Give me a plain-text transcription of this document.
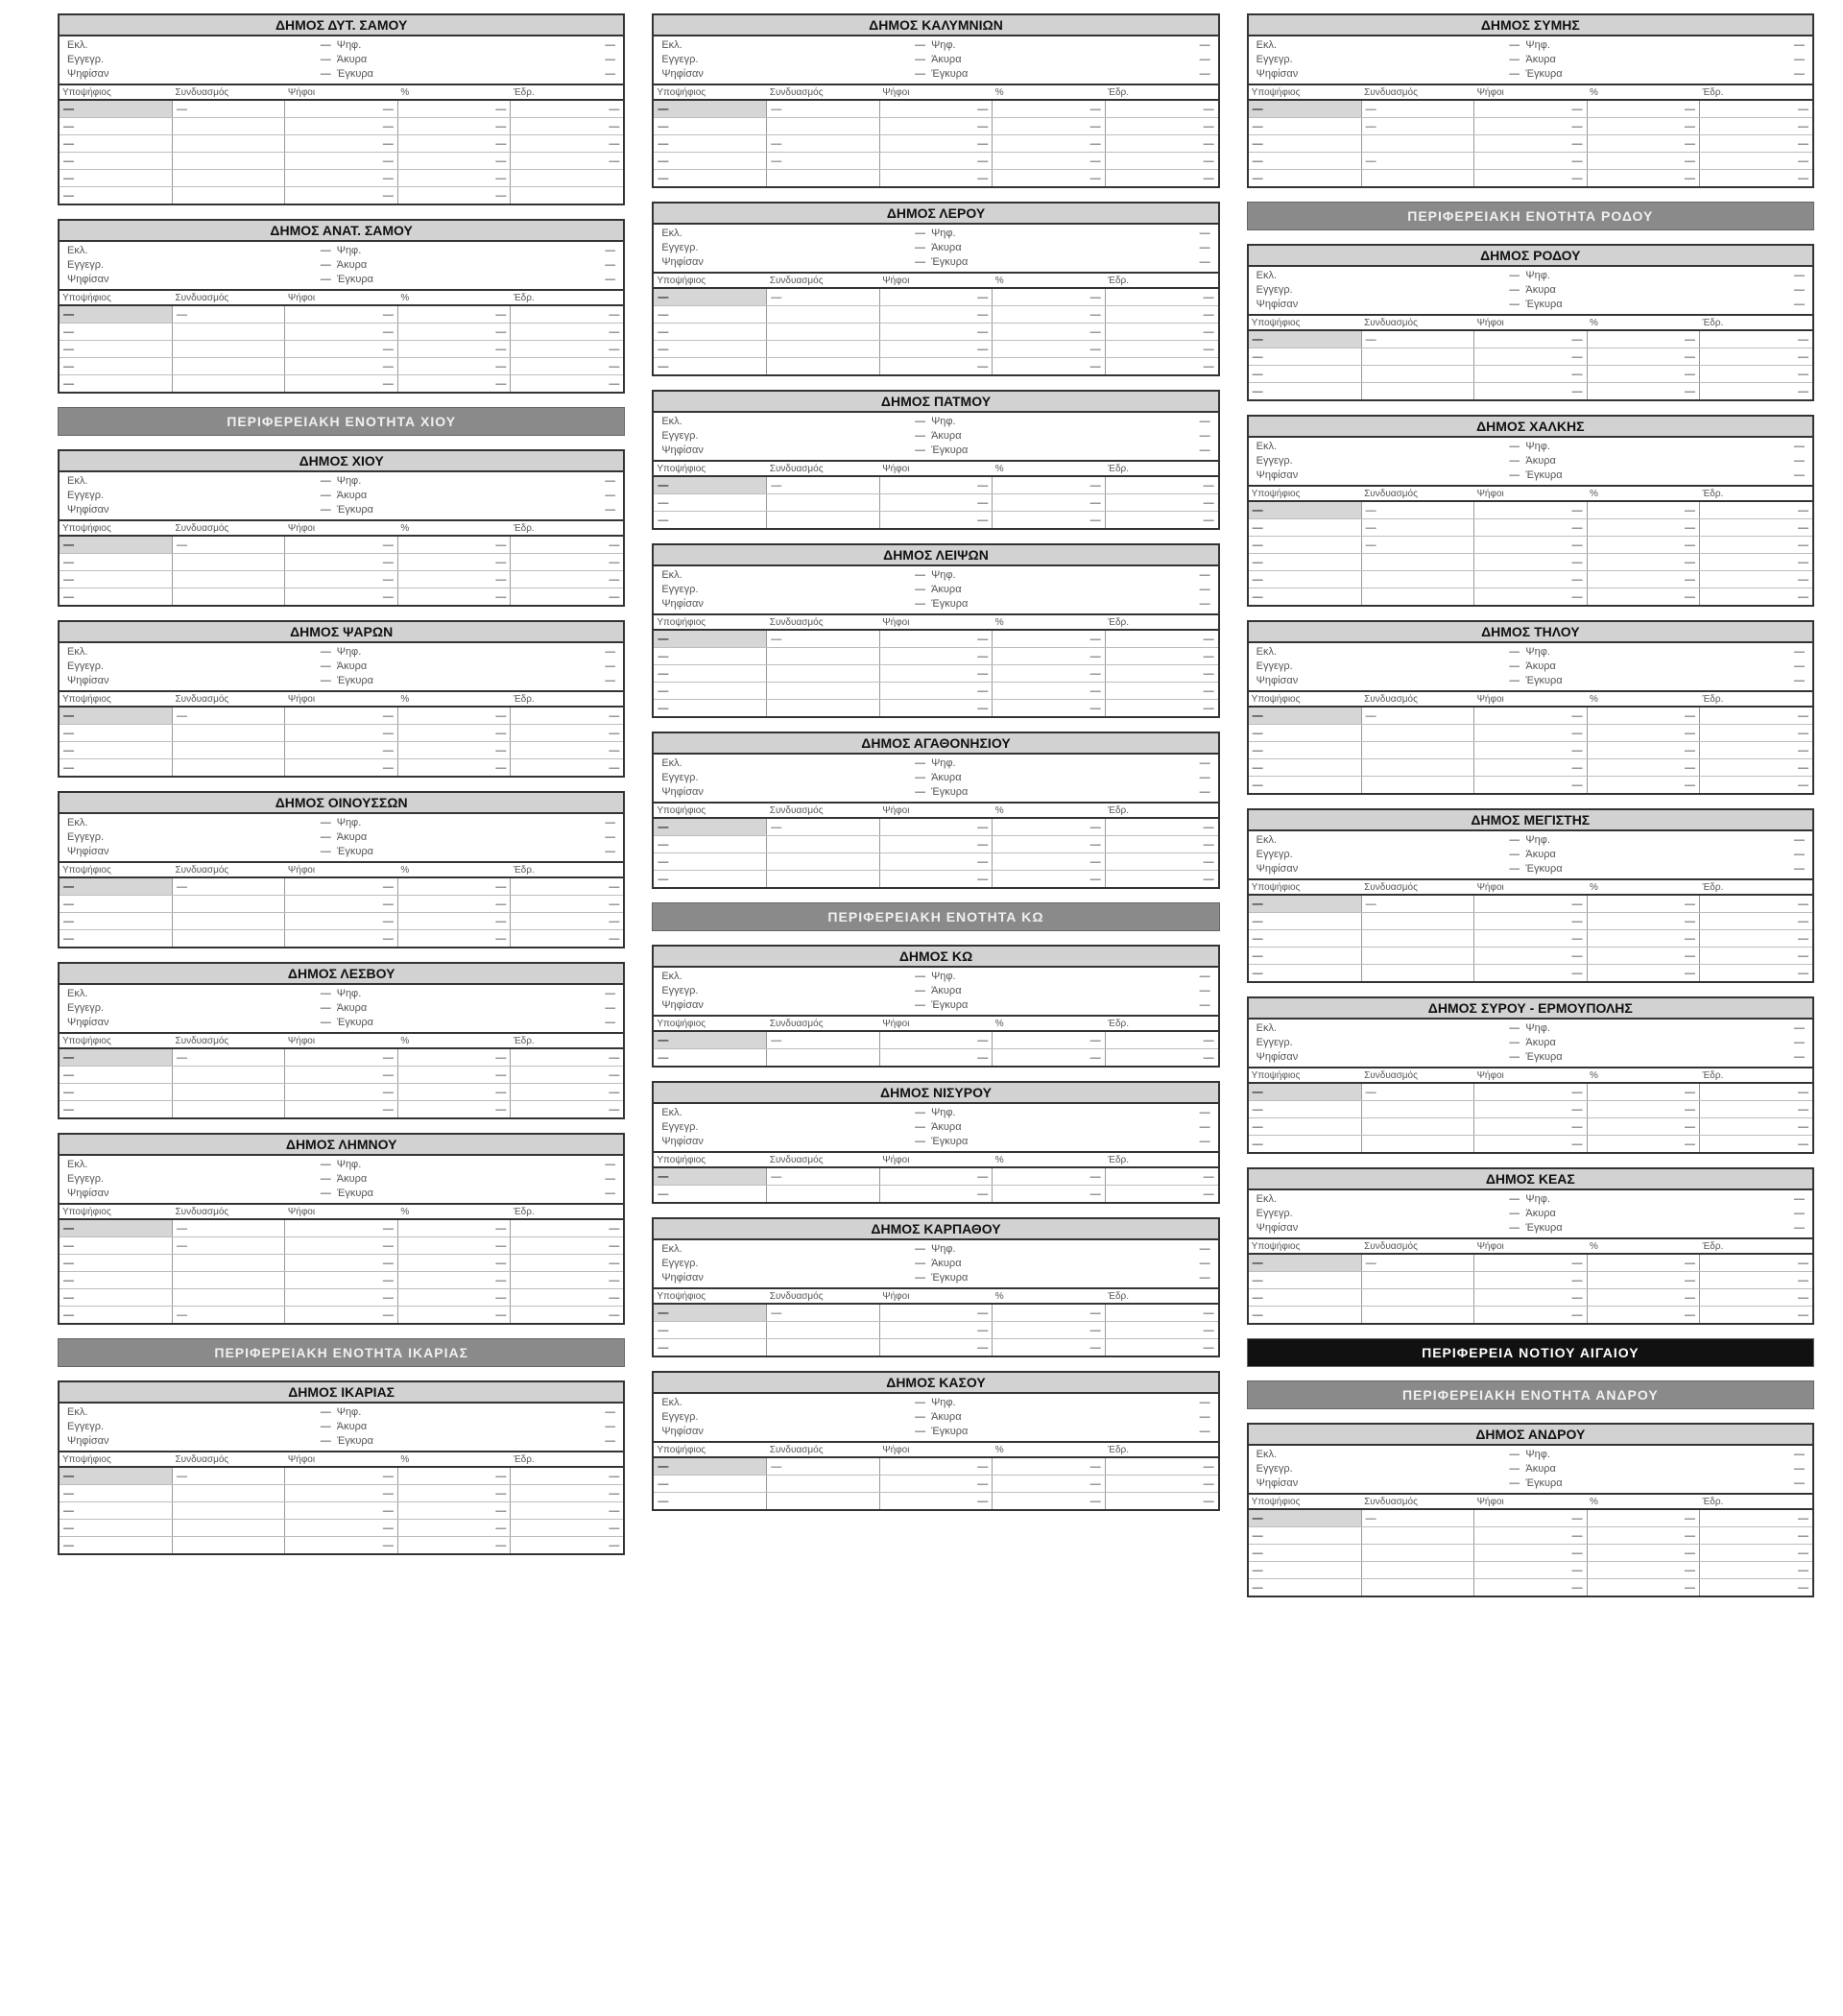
ΔΗΜΟΣ ΔΥΤ. ΣΑΜΟΥ
Εκλ.	— Ψηφ.	—
Εγγεγρ.	— Άκυρα	—
Ψηφίσαν	— Έγκυρα	—
Υποψήφιος	Συνδυασμός	Ψήφοι	%	Έδρ.
—	—	—	—	—
—		—	—	—
—		—	—	—
—		—	—	—
—		—	—	
—		—	—	
ΔΗΜΟΣ ΑΝΑΤ. ΣΑΜΟΥ
Εκλ.	— Ψηφ.	—
Εγγεγρ.	— Άκυρα	—
Ψηφίσαν	— Έγκυρα	—
Υποψήφιος	Συνδυασμός	Ψήφοι	%	Έδρ.
—	—	—	—	—
—		—	—	—
—		—	—	—
—		—	—	—
—		—	—	—
ΠΕΡΙΦΕΡΕΙΑΚΗ ΕΝΟΤΗΤΑ ΧΙΟΥ
ΔΗΜΟΣ ΧΙΟΥ
Εκλ.	— Ψηφ.	—
Εγγεγρ.	— Άκυρα	—
Ψηφίσαν	— Έγκυρα	—
Υποψήφιος	Συνδυασμός	Ψήφοι	%	Έδρ.
—	—	—	—	—
—		—	—	—
—		—	—	—
—		—	—	—
ΔΗΜΟΣ ΨΑΡΩΝ
Εκλ.	— Ψηφ.	—
Εγγεγρ.	— Άκυρα	—
Ψηφίσαν	— Έγκυρα	—
Υποψήφιος	Συνδυασμός	Ψήφοι	%	Έδρ.
—	—	—	—	—
—		—	—	—
—		—	—	—
—		—	—	—
ΔΗΜΟΣ ΟΙΝΟΥΣΣΩΝ
Εκλ.	— Ψηφ.	—
Εγγεγρ.	— Άκυρα	—
Ψηφίσαν	— Έγκυρα	—
Υποψήφιος	Συνδυασμός	Ψήφοι	%	Έδρ.
—	—	—	—	—
—		—	—	—
—		—	—	—
—		—	—	—
ΔΗΜΟΣ ΛΕΣΒΟΥ
Εκλ.	— Ψηφ.	—
Εγγεγρ.	— Άκυρα	—
Ψηφίσαν	— Έγκυρα	—
Υποψήφιος	Συνδυασμός	Ψήφοι	%	Έδρ.
—	—	—	—	—
—		—	—	—
—		—	—	—
—		—	—	—
ΔΗΜΟΣ ΛΗΜΝΟΥ
Εκλ.	— Ψηφ.	—
Εγγεγρ.	— Άκυρα	—
Ψηφίσαν	— Έγκυρα	—
Υποψήφιος	Συνδυασμός	Ψήφοι	%	Έδρ.
—	—	—	—	—
—	—	—	—	—
—		—	—	—
—		—	—	—
—		—	—	—
—	—	—	—	—
ΠΕΡΙΦΕΡΕΙΑΚΗ ΕΝΟΤΗΤΑ ΙΚΑΡΙΑΣ
ΔΗΜΟΣ ΙΚΑΡΙΑΣ
Εκλ.	— Ψηφ.	—
Εγγεγρ.	— Άκυρα	—
Ψηφίσαν	— Έγκυρα	—
Υποψήφιος	Συνδυασμός	Ψήφοι	%	Έδρ.
—	—	—	—	—
—		—	—	—
—		—	—	—
—		—	—	—
—		—	—	—
ΔΗΜΟΣ ΚΑΛΥΜΝΙΩΝ
Εκλ.	— Ψηφ.	—
Εγγεγρ.	— Άκυρα	—
Ψηφίσαν	— Έγκυρα	—
Υποψήφιος	Συνδυασμός	Ψήφοι	%	Έδρ.
—	—	—	—	—
—		—	—	—
—	—	—	—	—
—	—	—	—	—
—		—	—	—
ΔΗΜΟΣ ΛΕΡΟΥ
Εκλ.	— Ψηφ.	—
Εγγεγρ.	— Άκυρα	—
Ψηφίσαν	— Έγκυρα	—
Υποψήφιος	Συνδυασμός	Ψήφοι	%	Έδρ.
—	—	—	—	—
—		—	—	—
—		—	—	—
—		—	—	—
—		—	—	—
ΔΗΜΟΣ ΠΑΤΜΟΥ
Εκλ.	— Ψηφ.	—
Εγγεγρ.	— Άκυρα	—
Ψηφίσαν	— Έγκυρα	—
Υποψήφιος	Συνδυασμός	Ψήφοι	%	Έδρ.
—	—	—	—	—
—		—	—	—
—		—	—	—
ΔΗΜΟΣ ΛΕΙΨΩΝ
Εκλ.	— Ψηφ.	—
Εγγεγρ.	— Άκυρα	—
Ψηφίσαν	— Έγκυρα	—
Υποψήφιος	Συνδυασμός	Ψήφοι	%	Έδρ.
—	—	—	—	—
—		—	—	—
—		—	—	—
—		—	—	—
—		—	—	—
ΔΗΜΟΣ ΑΓΑΘΟΝΗΣΙΟΥ
Εκλ.	— Ψηφ.	—
Εγγεγρ.	— Άκυρα	—
Ψηφίσαν	— Έγκυρα	—
Υποψήφιος	Συνδυασμός	Ψήφοι	%	Έδρ.
—	—	—	—	—
—		—	—	—
—		—	—	—
—		—	—	—
ΠΕΡΙΦΕΡΕΙΑΚΗ ΕΝΟΤΗΤΑ ΚΩ
ΔΗΜΟΣ ΚΩ
Εκλ.	— Ψηφ.	—
Εγγεγρ.	— Άκυρα	—
Ψηφίσαν	— Έγκυρα	—
Υποψήφιος	Συνδυασμός	Ψήφοι	%	Έδρ.
—	—	—	—	—
—		—	—	—
ΔΗΜΟΣ ΝΙΣΥΡΟΥ
Εκλ.	— Ψηφ.	—
Εγγεγρ.	— Άκυρα	—
Ψηφίσαν	— Έγκυρα	—
Υποψήφιος	Συνδυασμός	Ψήφοι	%	Έδρ.
—	—	—	—	—
—		—	—	—
ΔΗΜΟΣ ΚΑΡΠΑΘΟΥ
Εκλ.	— Ψηφ.	—
Εγγεγρ.	— Άκυρα	—
Ψηφίσαν	— Έγκυρα	—
Υποψήφιος	Συνδυασμός	Ψήφοι	%	Έδρ.
—	—	—	—	—
—		—	—	—
—		—	—	—
ΔΗΜΟΣ ΚΑΣΟΥ
Εκλ.	— Ψηφ.	—
Εγγεγρ.	— Άκυρα	—
Ψηφίσαν	— Έγκυρα	—
Υποψήφιος	Συνδυασμός	Ψήφοι	%	Έδρ.
—	—	—	—	—
—		—	—	—
—		—	—	—
ΔΗΜΟΣ ΣΥΜΗΣ
Εκλ.	— Ψηφ.	—
Εγγεγρ.	— Άκυρα	—
Ψηφίσαν	— Έγκυρα	—
Υποψήφιος	Συνδυασμός	Ψήφοι	%	Έδρ.
—	—	—	—	—
—	—	—	—	—
—		—	—	—
—	—	—	—	—
—		—	—	—
ΠΕΡΙΦΕΡΕΙΑΚΗ ΕΝΟΤΗΤΑ ΡΟΔΟΥ
ΔΗΜΟΣ ΡΟΔΟΥ
Εκλ.	— Ψηφ.	—
Εγγεγρ.	— Άκυρα	—
Ψηφίσαν	— Έγκυρα	—
Υποψήφιος	Συνδυασμός	Ψήφοι	%	Έδρ.
—	—	—	—	—
—		—	—	—
—		—	—	—
—		—	—	—
ΔΗΜΟΣ ΧΑΛΚΗΣ
Εκλ.	— Ψηφ.	—
Εγγεγρ.	— Άκυρα	—
Ψηφίσαν	— Έγκυρα	—
Υποψήφιος	Συνδυασμός	Ψήφοι	%	Έδρ.
—	—	—	—	—
—	—	—	—	—
—	—	—	—	—
—		—	—	—
—		—	—	—
—		—	—	—
ΔΗΜΟΣ ΤΗΛΟΥ
Εκλ.	— Ψηφ.	—
Εγγεγρ.	— Άκυρα	—
Ψηφίσαν	— Έγκυρα	—
Υποψήφιος	Συνδυασμός	Ψήφοι	%	Έδρ.
—	—	—	—	—
—		—	—	—
—		—	—	—
—		—	—	—
—		—	—	—
ΔΗΜΟΣ ΜΕΓΙΣΤΗΣ
Εκλ.	— Ψηφ.	—
Εγγεγρ.	— Άκυρα	—
Ψηφίσαν	— Έγκυρα	—
Υποψήφιος	Συνδυασμός	Ψήφοι	%	Έδρ.
—	—	—	—	—
—		—	—	—
—		—	—	—
—		—	—	—
—		—	—	—
ΔΗΜΟΣ ΣΥΡΟΥ - ΕΡΜΟΥΠΟΛΗΣ
Εκλ.	— Ψηφ.	—
Εγγεγρ.	— Άκυρα	—
Ψηφίσαν	— Έγκυρα	—
Υποψήφιος	Συνδυασμός	Ψήφοι	%	Έδρ.
—	—	—	—	—
—		—	—	—
—		—	—	—
—		—	—	—
ΔΗΜΟΣ ΚΕΑΣ
Εκλ.	— Ψηφ.	—
Εγγεγρ.	— Άκυρα	—
Ψηφίσαν	— Έγκυρα	—
Υποψήφιος	Συνδυασμός	Ψήφοι	%	Έδρ.
—	—	—	—	—
—		—	—	—
—		—	—	—
—		—	—	—
ΠΕΡΙΦΕΡΕΙΑ ΝΟΤΙΟΥ ΑΙΓΑΙΟΥ
ΠΕΡΙΦΕΡΕΙΑΚΗ ΕΝΟΤΗΤΑ ΑΝΔΡΟΥ
ΔΗΜΟΣ ΑΝΔΡΟΥ
Εκλ.	— Ψηφ.	—
Εγγεγρ.	— Άκυρα	—
Ψηφίσαν	— Έγκυρα	—
Υποψήφιος	Συνδυασμός	Ψήφοι	%	Έδρ.
—	—	—	—	—
—		—	—	—
—		—	—	—
—		—	—	—
—		—	—	—
